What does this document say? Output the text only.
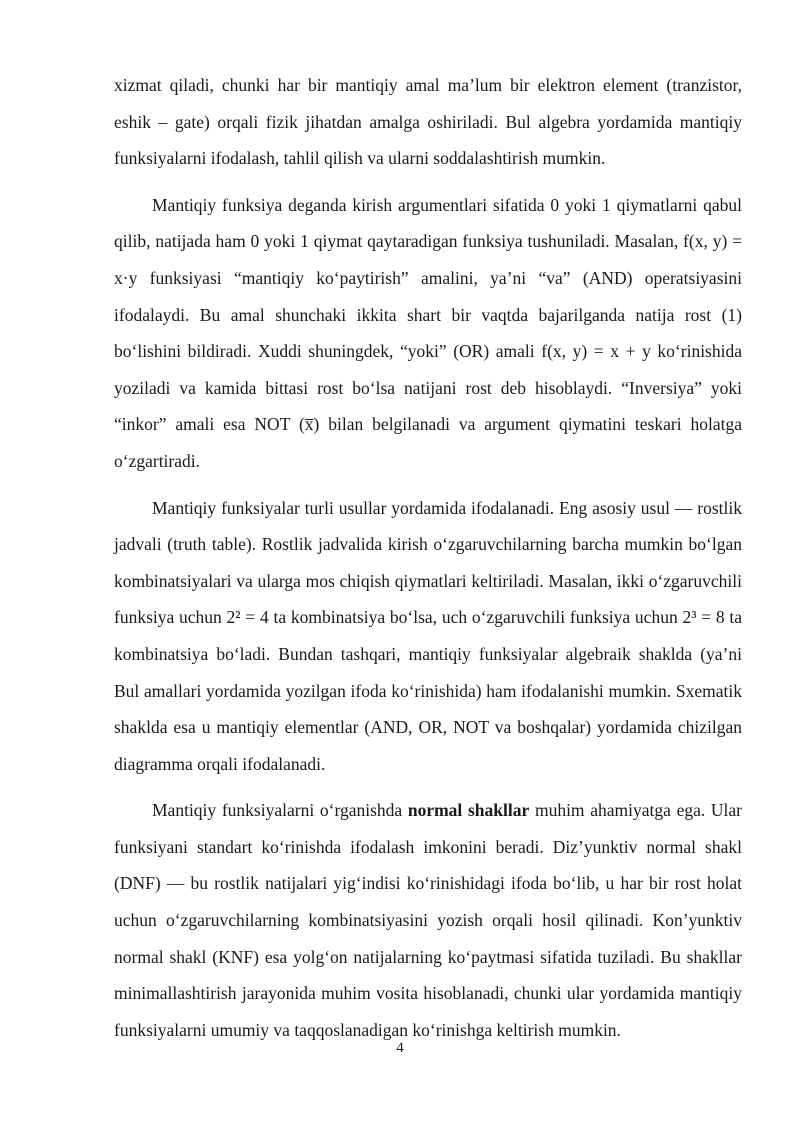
xizmat qiladi, chunki har bir mantiqiy amal ma’lum bir elektron element (tranzistor, eshik – gate) orqali fizik jihatdan amalga oshiriladi. Bul algebra yordamida mantiqiy funksiyalarni ifodalash, tahlil qilish va ularni soddalashtirish mumkin.

Mantiqiy funksiya deganda kirish argumentlari sifatida 0 yoki 1 qiymatlarni qabul qilib, natijada ham 0 yoki 1 qiymat qaytaradigan funksiya tushuniladi. Masalan, f(x, y) = x·y funksiyasi “mantiqiy ko‘paytirish” amalini, ya’ni “va” (AND) operatsiyasini ifodalaydi. Bu amal shunchaki ikkita shart bir vaqtda bajarilganda natija rost (1) bo‘lishini bildiradi. Xuddi shuningdek, “yoki” (OR) amali f(x, y) = x + y ko‘rinishida yoziladi va kamida bittasi rost bo‘lsa natijani rost deb hisoblaydi. “Inversiya” yoki “inkor” amali esa NOT (x̅) bilan belgilanadi va argument qiymatini teskari holatga o‘zgartiradi.

Mantiqiy funksiyalar turli usullar yordamida ifodalanadi. Eng asosiy usul — rostlik jadvali (truth table). Rostlik jadvalida kirish o‘zgaruvchilarning barcha mumkin bo‘lgan kombinatsiyalari va ularga mos chiqish qiymatlari keltiriladi. Masalan, ikki o‘zgaruvchili funksiya uchun 2² = 4 ta kombinatsiya bo‘lsa, uch o‘zgaruvchili funksiya uchun 2³ = 8 ta kombinatsiya bo‘ladi. Bundan tashqari, mantiqiy funksiyalar algebraik shaklda (ya’ni Bul amallari yordamida yozilgan ifoda ko‘rinishida) ham ifodalanishi mumkin. Sxematik shaklda esa u mantiqiy elementlar (AND, OR, NOT va boshqalar) yordamida chizilgan diagramma orqali ifodalanadi.

Mantiqiy funksiyalarni o‘rganishda normal shakllar muhim ahamiyatga ega. Ular funksiyani standart ko‘rinishda ifodalash imkonini beradi. Diz’yunktiv normal shakl (DNF) — bu rostlik natijalari yig‘indisi ko‘rinishidagi ifoda bo‘lib, u har bir rost holat uchun o‘zgaruvchilarning kombinatsiyasini yozish orqali hosil qilinadi. Kon’yunktiv normal shakl (KNF) esa yolg‘on natijalarning ko‘paytmasi sifatida tuziladi. Bu shakllar minimallashtirish jarayonida muhim vosita hisoblanadi, chunki ular yordamida mantiqiy funksiyalarni umumiy va taqqoslanadigan ko‘rinishga keltirish mumkin.

4
